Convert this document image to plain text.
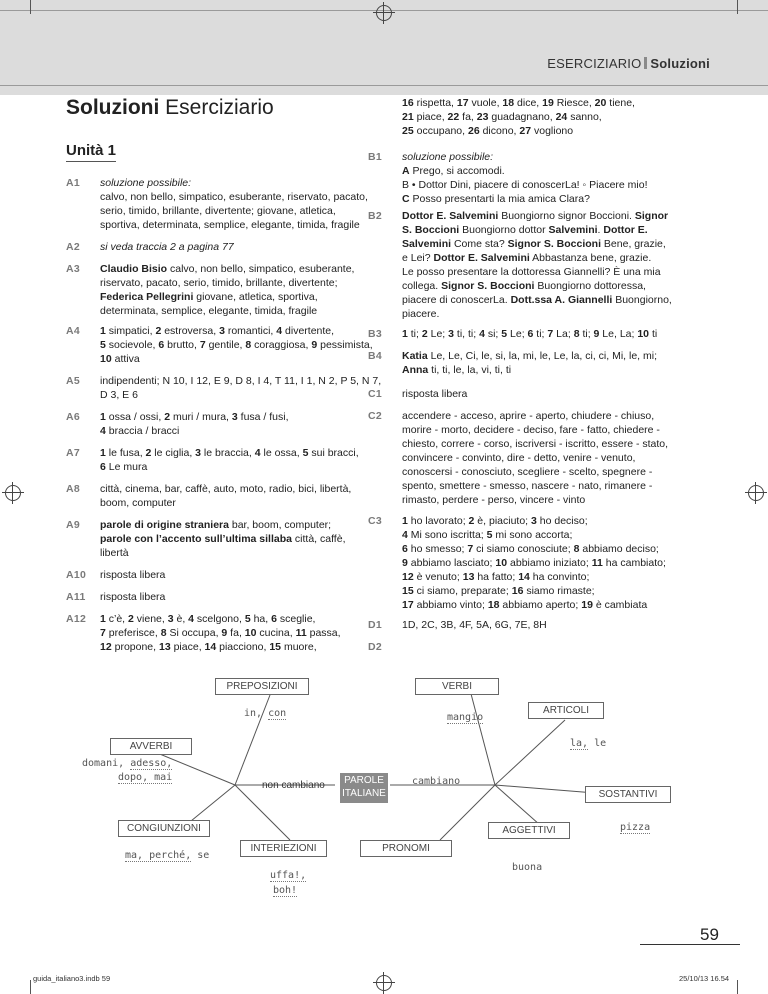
ESERCIZIARIO Soluzioni
Soluzioni Eserciziario
Unità 1
A1 soluzione possibile:
calvo, non bello, simpatico, esuberante, riservato, pacato,
serio, timido, brillante, divertente; giovane, atletica,
sportiva, determinata, semplice, elegante, timida, fragile
A2 si veda traccia 2 a pagina 77
A3 Claudio Bisio calvo, non bello, simpatico, esuberante,
riservato, pacato, serio, timido, brillante, divertente;
Federica Pellegrini giovane, atletica, sportiva,
determinata, semplice, elegante, timida, fragile
A4 1 simpatici, 2 estroversa, 3 romantici, 4 divertente,
5 socievole, 6 brutto, 7 gentile, 8 coraggiosa, 9 pessimista,
10 attiva
A5 indipendenti; N 10, I 12, E 9, D 8, I 4, T 11, I 1, N 2, P 5, N 7,
D 3, E 6
A6 1 ossa / ossi, 2 muri / mura, 3 fusa / fusi,
4 braccia / bracci
A7 1 le fusa, 2 le ciglia, 3 le braccia, 4 le ossa, 5 sui bracci,
6 Le mura
A8 città, cinema, bar, caffè, auto, moto, radio, bici, libertà,
boom, computer
A9 parole di origine straniera bar, boom, computer;
parole con l’accento sull’ultima sillaba città, caffè,
libertà
A10 risposta libera
A11 risposta libera
A12 1 c’è, 2 viene, 3 è, 4 scelgono, 5 ha, 6 sceglie,
7 preferisce, 8 Si occupa, 9 fa, 10 cucina, 11 passa,
12 propone, 13 piace, 14 piacciono, 15 muore,
16 rispetta, 17 vuole, 18 dice, 19 Riesce, 20 tiene,
21 piace, 22 fa, 23 guadagnano, 24 sanno,
25 occupano, 26 dicono, 27 vogliono
B1 soluzione possibile:
A Prego, si accomodi.
B • Dottor Dini, piacere di conoscerLa! ◦ Piacere mio!
C Posso presentarti la mia amica Clara?
B2 Dottor E. Salvemini Buongiorno signor Boccioni. Signor
S. Boccioni Buongiorno dottor Salvemini. Dottor E.
Salvemini Come sta? Signor S. Boccioni Bene, grazie,
e Lei? Dottor E. Salvemini Abbastanza bene, grazie.
Le posso presentare la dottoressa Giannelli? È una mia
collega. Signor S. Boccioni Buongiorno dottoressa,
piacere di conoscerLa. Dott.ssa A. Giannelli Buongiorno,
piacere.
B3 1 ti; 2 Le; 3 ti, ti; 4 si; 5 Le; 6 ti; 7 La; 8 ti; 9 Le, La; 10 ti
B4 Katia Le, Le, Ci, le, si, la, mi, le, Le, la, ci, ci, Mi, le, mi;
Anna ti, ti, le, la, vi, ti, ti
C1 risposta libera
C2 accendere - acceso, aprire - aperto, chiudere - chiuso,
morire - morto, decidere - deciso, fare - fatto, chiedere -
chiesto, correre - corso, iscriversi - iscritto, essere - stato,
convincere - convinto, dire - detto, venire - venuto,
conoscersi - conosciuto, scegliere - scelto, spegnere -
spento, smettere - smesso, nascere - nato, rimanere -
rimasto, perdere - perso, vincere - vinto
C3 1 ho lavorato; 2 è, piaciuto; 3 ho deciso;
4 Mi sono iscritta; 5 mi sono accorta;
6 ho smesso; 7 ci siamo conosciute; 8 abbiamo deciso;
9 abbiamo lasciato; 10 abbiamo iniziato; 11 ha cambiato;
12 è venuto; 13 ha fatto; 14 ha convinto;
15 ci siamo, preparate; 16 siamo rimaste;
17 abbiamo vinto; 18 abbiamo aperto; 19 è cambiata
D1 1D, 2C, 3B, 4F, 5A, 6G, 7E, 8H
D2
PAROLE
ITALIANE
non cambiano	cambiano
PREPOSIZIONI
AVVERBI
CONGIUNZIONI
INTERIEZIONI
VERBI
ARTICOLI
SOSTANTIVI
AGGETTIVI
PRONOMI
in, con
domani, adesso,
dopo, mai
ma, perché, se
uffa!,
boh!
mangio
la, le
pizza
buona
59
guida_italiano3.indb 59	25/10/13 16.54
